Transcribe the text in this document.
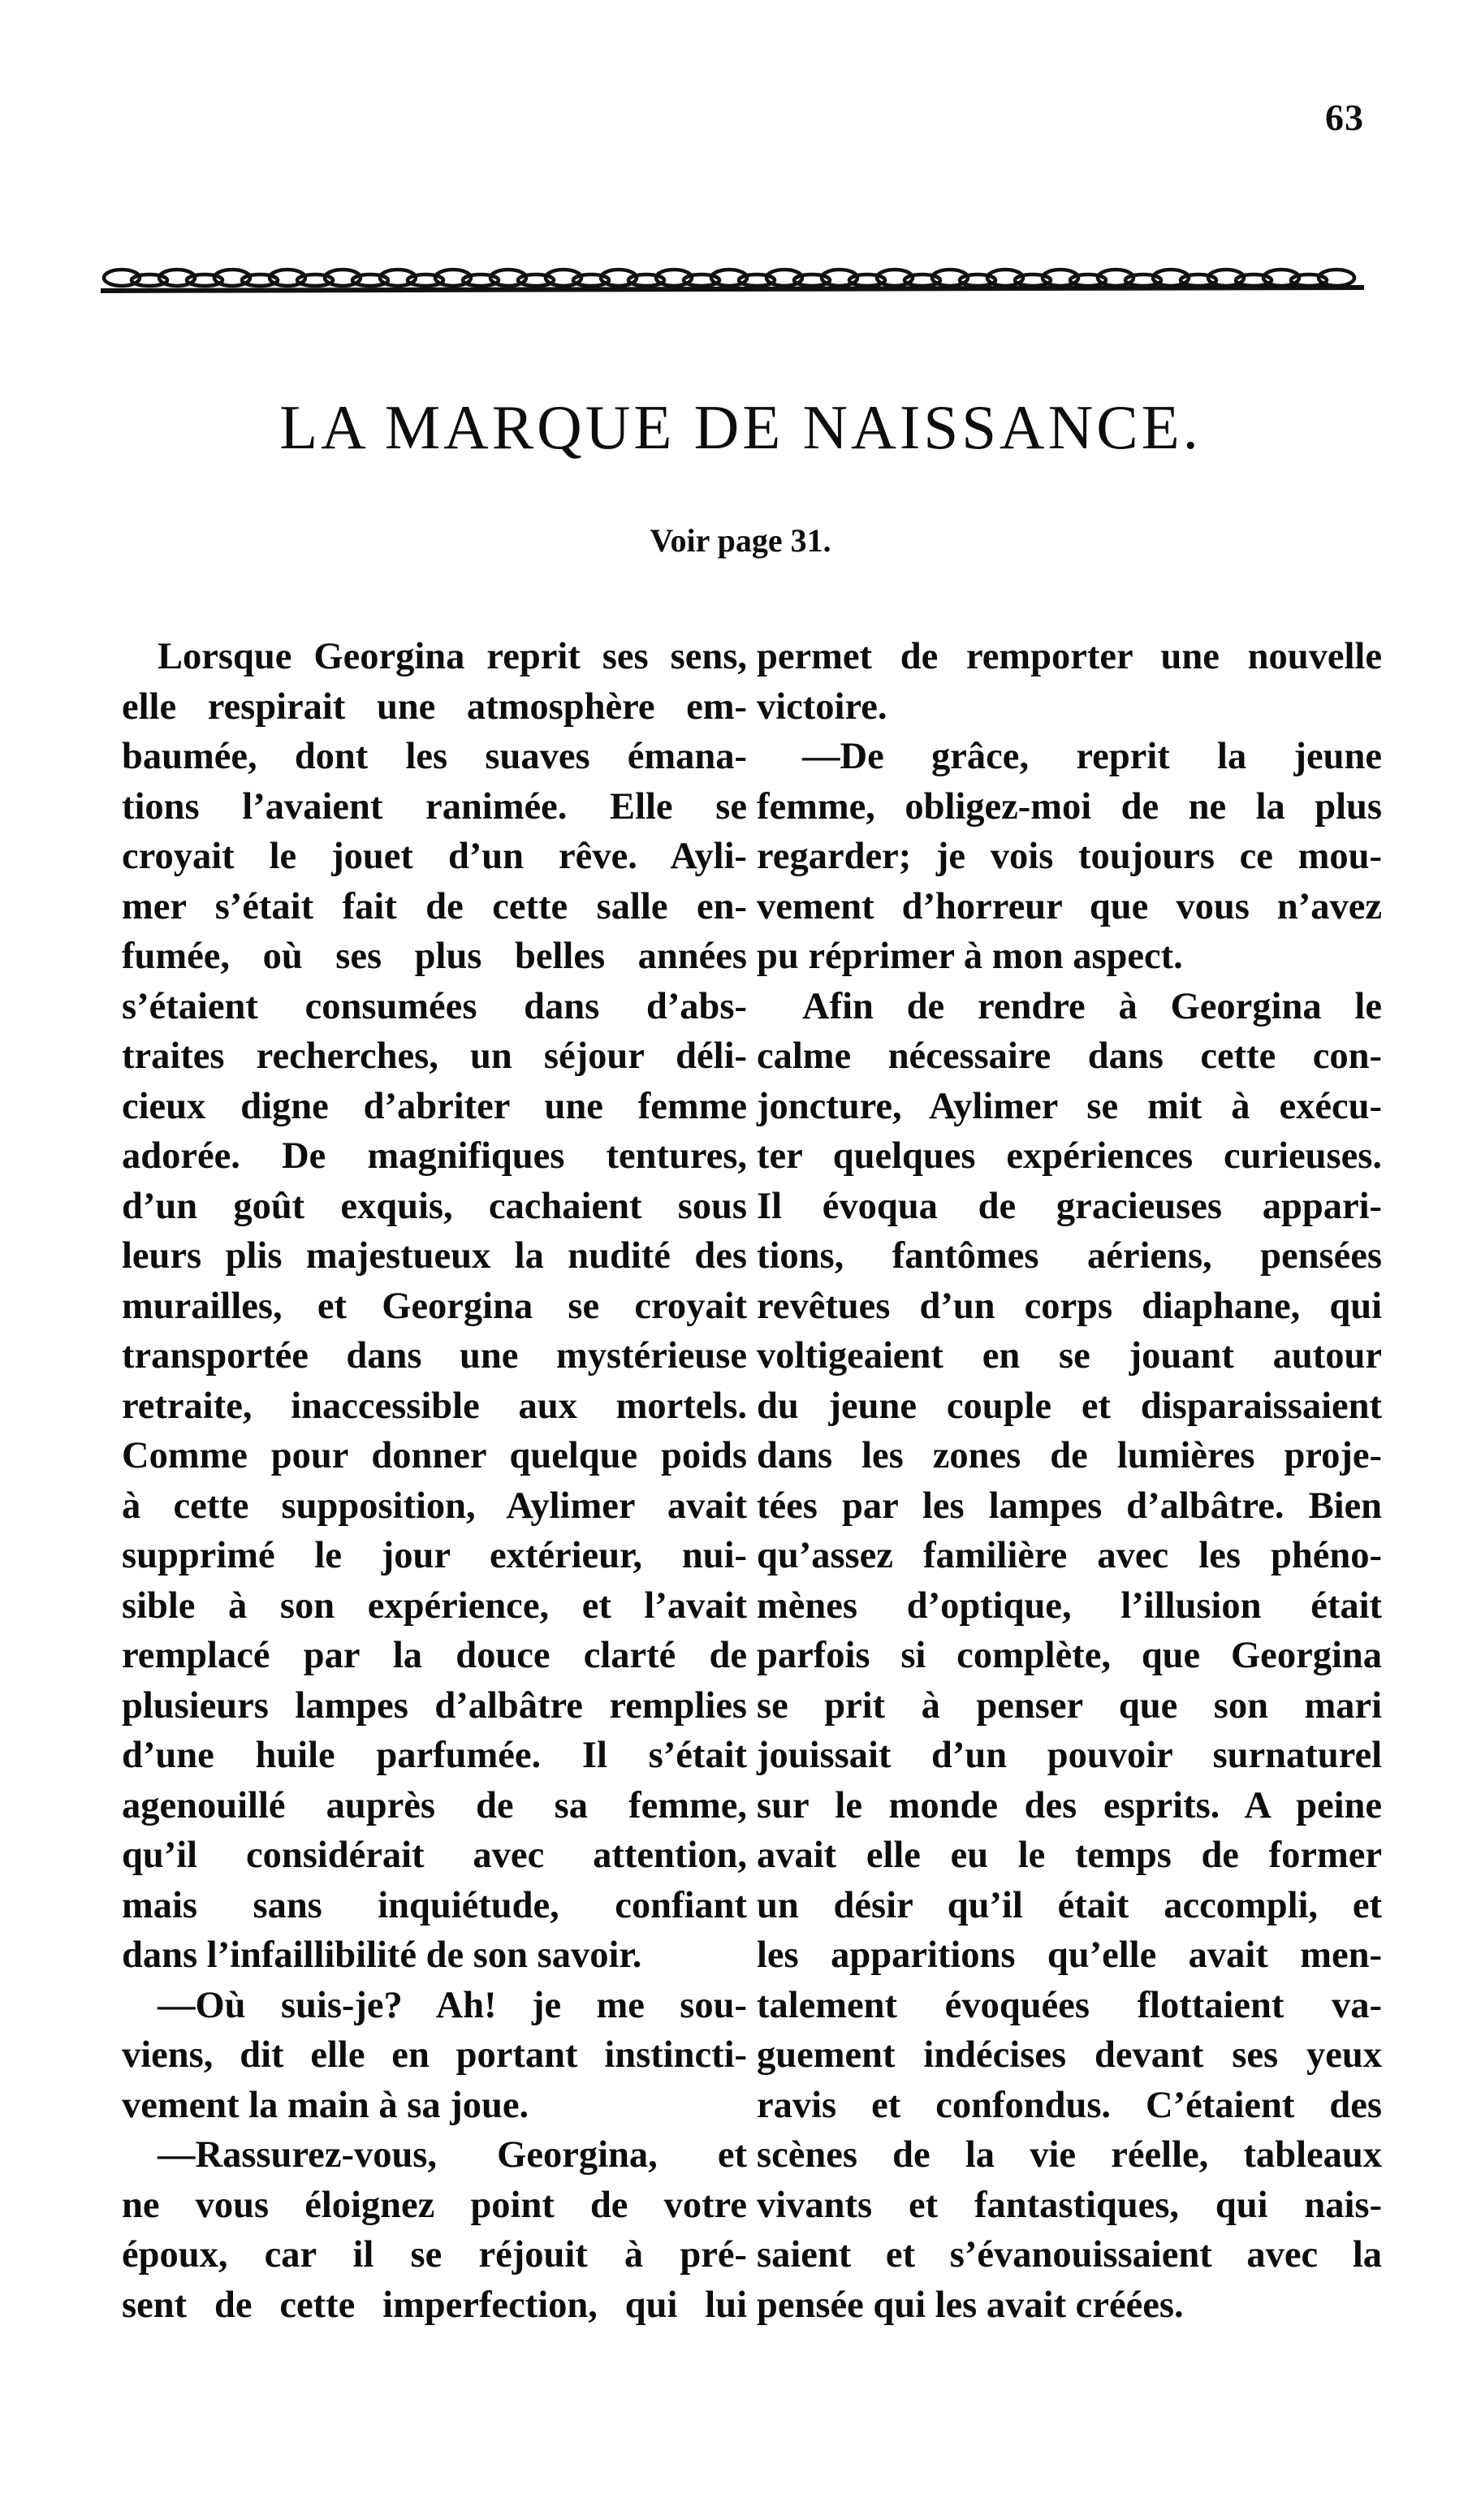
63
LA MARQUE DE NAISSANCE.
Voir page 31.
Lorsque Georgina reprit ses sens,
elle respirait une atmosphère em-
baumée, dont les suaves émana-
tions l’avaient ranimée. Elle se
croyait le jouet d’un rêve. Ayli-
mer s’était fait de cette salle en-
fumée, où ses plus belles années
s’étaient consumées dans d’abs-
traites recherches, un séjour déli-
cieux digne d’abriter une femme
adorée. De magnifiques tentures,
d’un goût exquis, cachaient sous
leurs plis majestueux la nudité des
murailles, et Georgina se croyait
transportée dans une mystérieuse
retraite, inaccessible aux mortels.
Comme pour donner quelque poids
à cette supposition, Aylimer avait
supprimé le jour extérieur, nui-
sible à son expérience, et l’avait
remplacé par la douce clarté de
plusieurs lampes d’albâtre remplies
d’une huile parfumée. Il s’était
agenouillé auprès de sa femme,
qu’il considérait avec attention,
mais sans inquiétude, confiant
dans l’infaillibilité de son savoir.
—Où suis-je? Ah! je me sou-
viens, dit elle en portant instincti-
vement la main à sa joue.
—Rassurez-vous, Georgina, et
ne vous éloignez point de votre
époux, car il se réjouit à pré-
sent de cette imperfection, qui lui
permet de remporter une nouvelle
victoire.
—De grâce, reprit la jeune
femme, obligez-moi de ne la plus
regarder; je vois toujours ce mou-
vement d’horreur que vous n’avez
pu réprimer à mon aspect.
Afin de rendre à Georgina le
calme nécessaire dans cette con-
joncture, Aylimer se mit à exécu-
ter quelques expériences curieuses.
Il évoqua de gracieuses appari-
tions, fantômes aériens, pensées
revêtues d’un corps diaphane, qui
voltigeaient en se jouant autour
du jeune couple et disparaissaient
dans les zones de lumières proje-
tées par les lampes d’albâtre. Bien
qu’assez familière avec les phéno-
mènes d’optique, l’illusion était
parfois si complète, que Georgina
se prit à penser que son mari
jouissait d’un pouvoir surnaturel
sur le monde des esprits. A peine
avait elle eu le temps de former
un désir qu’il était accompli, et
les apparitions qu’elle avait men-
talement évoquées flottaient va-
guement indécises devant ses yeux
ravis et confondus. C’étaient des
scènes de la vie réelle, tableaux
vivants et fantastiques, qui nais-
saient et s’évanouissaient avec la
pensée qui les avait créées.
